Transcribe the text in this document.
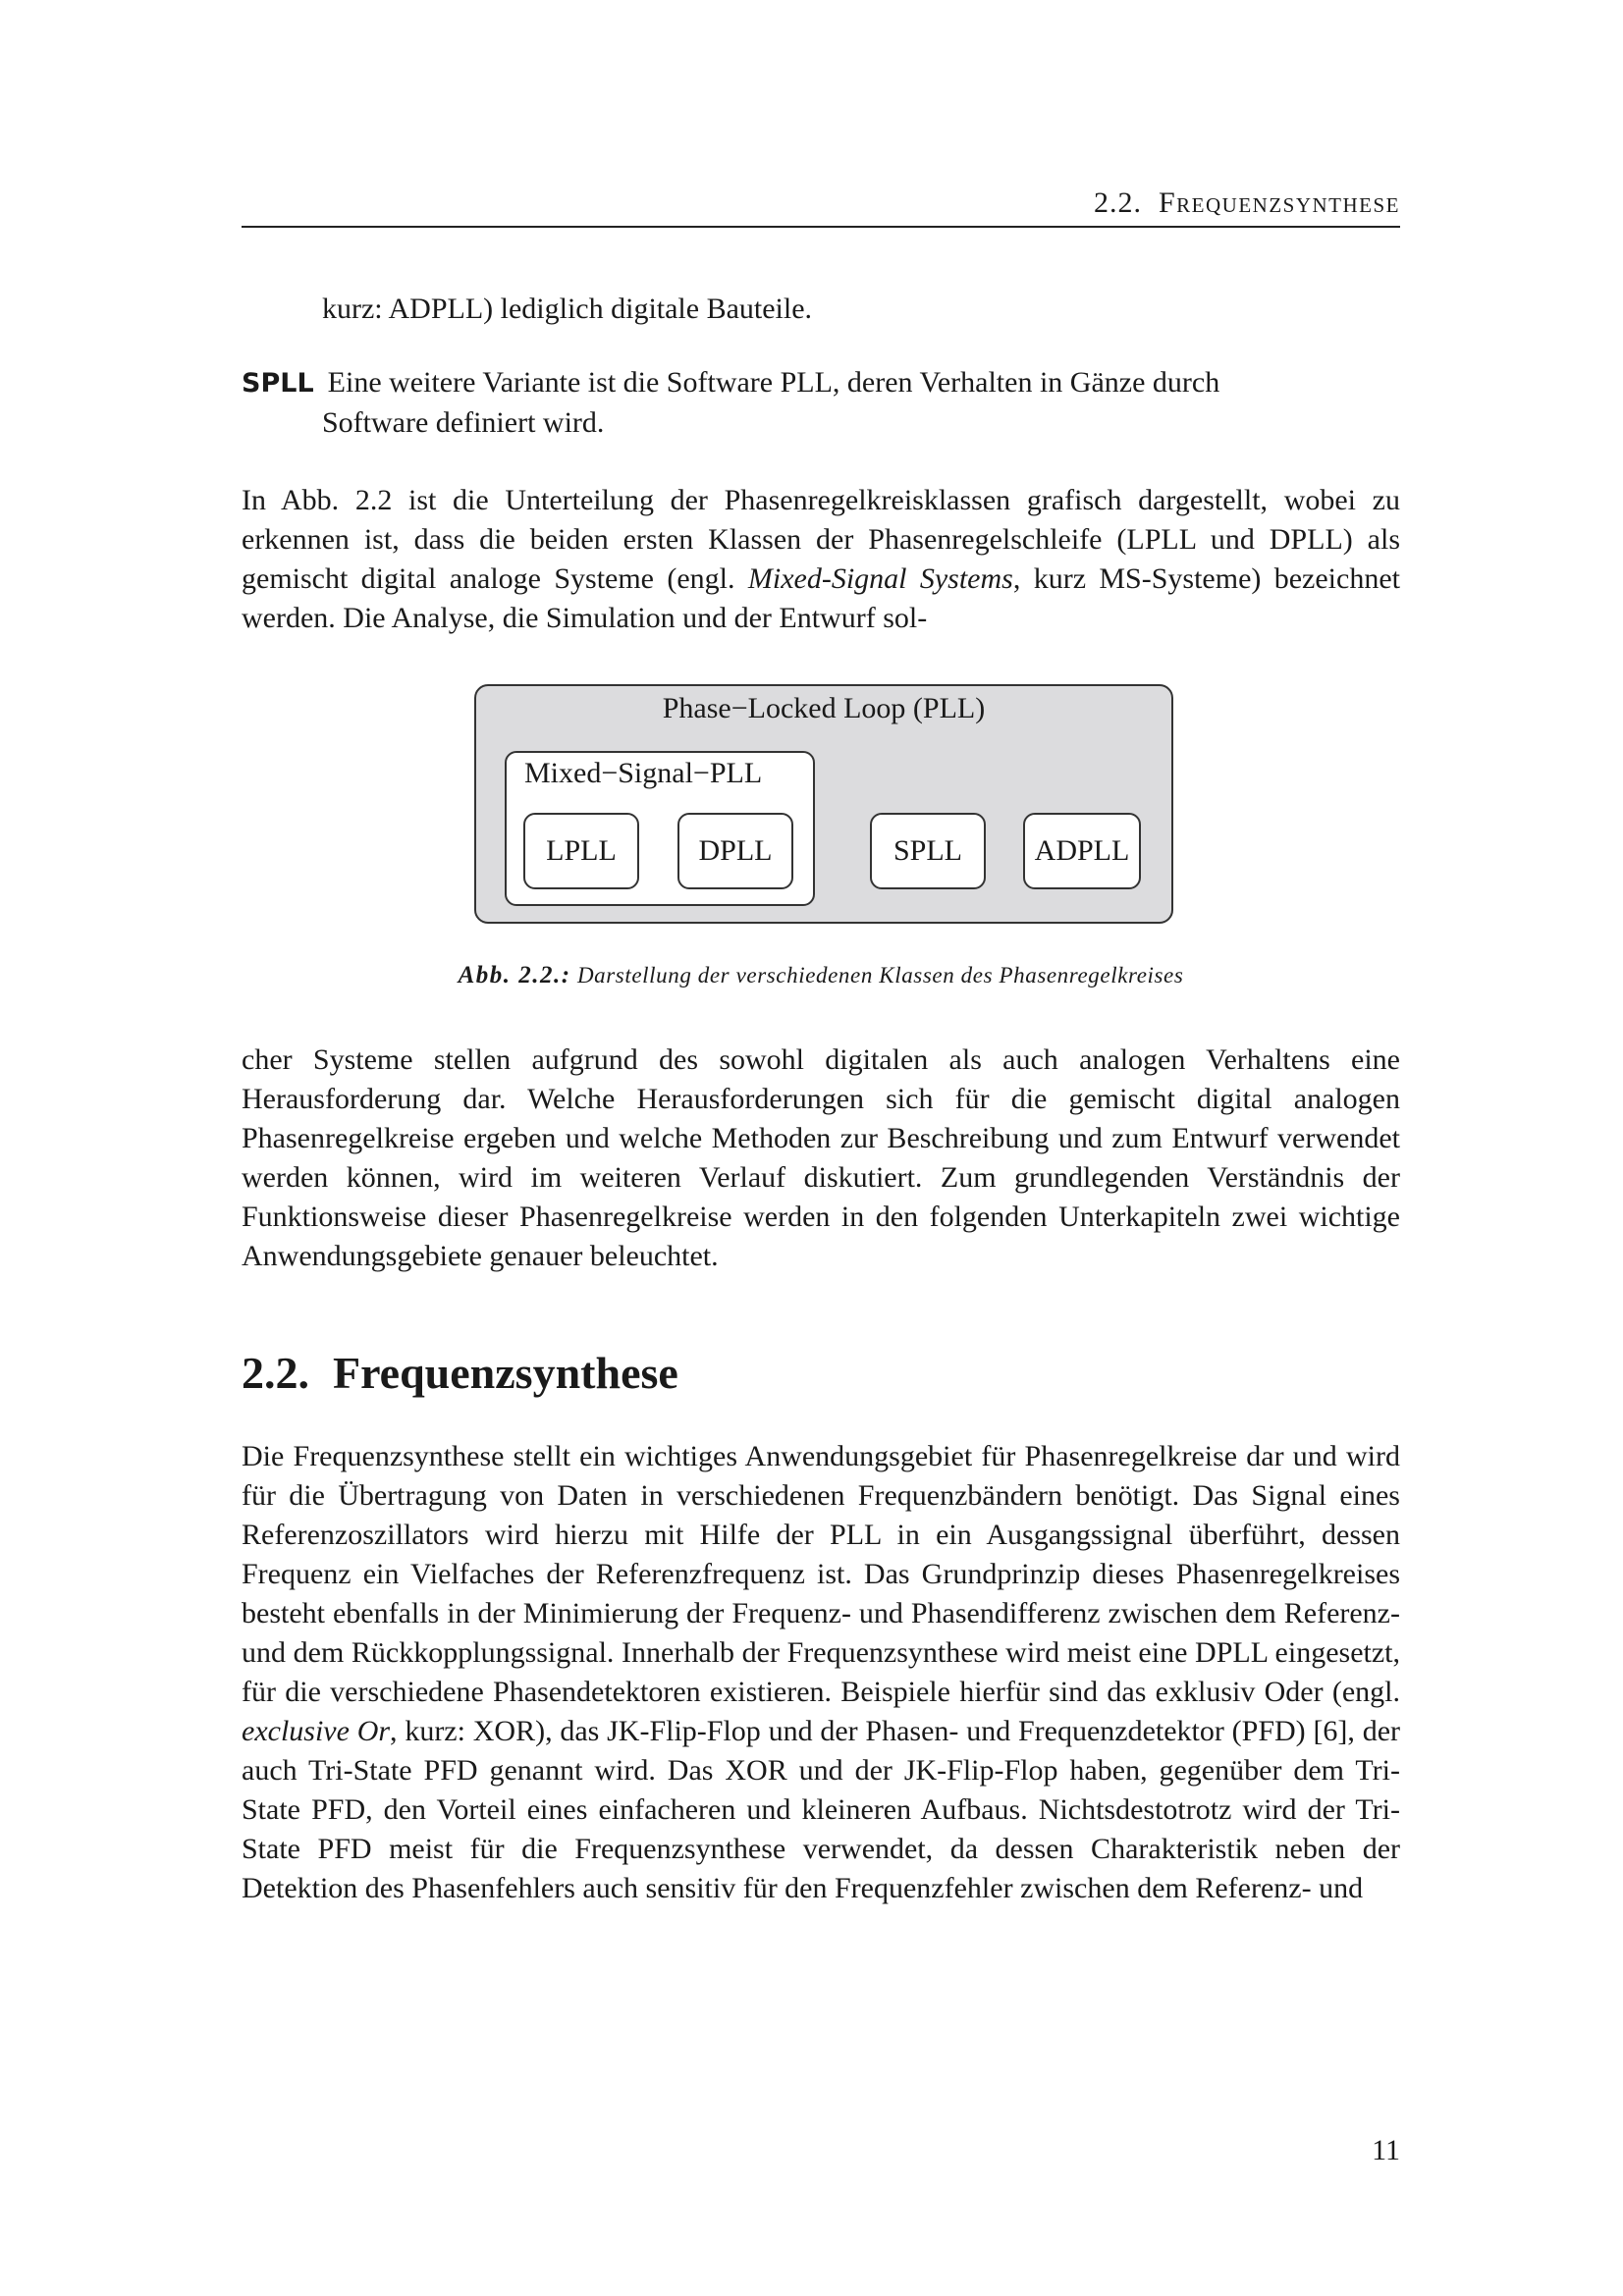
2.2. Frequenzsynthese
kurz: ADPLL) lediglich digitale Bauteile.
SPLL Eine weitere Variante ist die Software PLL, deren Verhalten in Gänze durch
Software definiert wird.
In Abb. 2.2 ist die Unterteilung der Phasenregelkreisklassen grafisch dargestellt, wobei zu erkennen ist, dass die beiden ersten Klassen der Phasenregelschleife (LPLL und DPLL) als gemischt digital analoge Systeme (engl. Mixed-Signal Systems, kurz MS-Systeme) bezeichnet werden. Die Analyse, die Simulation und der Entwurf sol-
Phase−Locked Loop (PLL)
Mixed−Signal−PLL
LPLL	DPLL	SPLL	ADPLL
Abb. 2.2.: Darstellung der verschiedenen Klassen des Phasenregelkreises
cher Systeme stellen aufgrund des sowohl digitalen als auch analogen Verhaltens eine Herausforderung dar. Welche Herausforderungen sich für die gemischt digital analogen Phasenregelkreise ergeben und welche Methoden zur Beschreibung und zum Entwurf verwendet werden können, wird im weiteren Verlauf diskutiert. Zum grundlegenden Verständnis der Funktionsweise dieser Phasenregelkreise werden in den folgenden Unterkapiteln zwei wichtige Anwendungsgebiete genauer beleuchtet.
2.2. Frequenzsynthese
Die Frequenzsynthese stellt ein wichtiges Anwendungsgebiet für Phasenregelkreise dar und wird für die Übertragung von Daten in verschiedenen Frequenzbändern benötigt. Das Signal eines Referenzoszillators wird hierzu mit Hilfe der PLL in ein Ausgangssignal überführt, dessen Frequenz ein Vielfaches der Referenzfrequenz ist. Das Grundprinzip dieses Phasenregelkreises besteht ebenfalls in der Minimierung der Frequenz- und Phasendifferenz zwischen dem Referenz- und dem Rückkopplungssignal. Innerhalb der Frequenzsynthese wird meist eine DPLL eingesetzt, für die verschiedene Phasendetektoren existieren. Beispiele hierfür sind das exklusiv Oder (engl. exclusive Or, kurz: XOR), das JK-Flip-Flop und der Phasen- und Frequenzdetektor (PFD) [6], der auch Tri-State PFD genannt wird. Das XOR und der JK-Flip-Flop haben, gegenüber dem Tri-State PFD, den Vorteil eines einfacheren und kleineren Aufbaus. Nichtsdestotrotz wird der Tri-State PFD meist für die Frequenzsynthese verwendet, da dessen Charakteristik neben der Detektion des Phasenfehlers auch sensitiv für den Frequenzfehler zwischen dem Referenz- und
11
